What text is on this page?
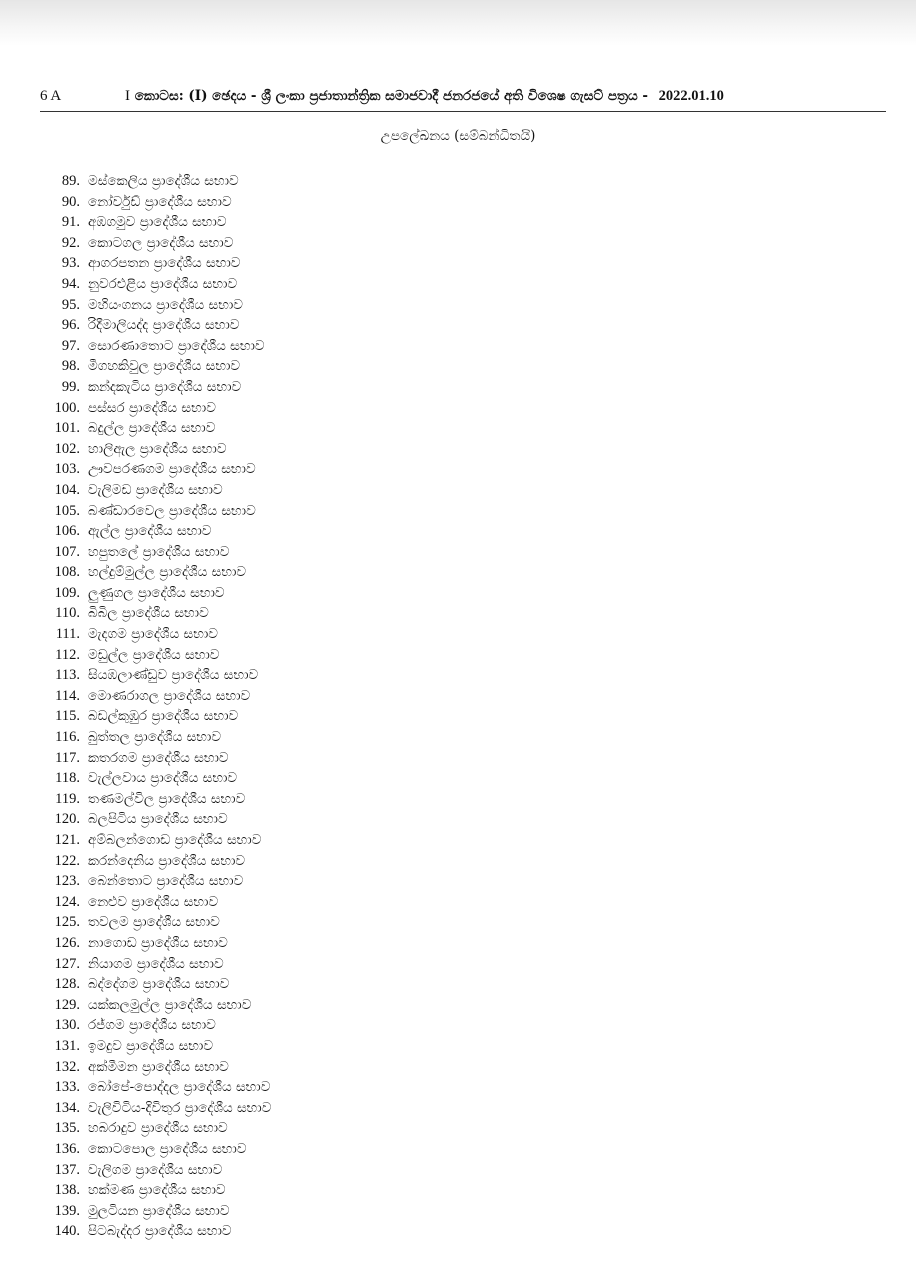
6 A	I කොටස: (I) ඡෙදය - ශ්‍රී ලංකා ප්‍රජාතාන්ත්‍රික සමාජවාදී ජනරජයේ අති විශෙෂ ගැසට් පත්‍රය - 2022.01.10
උපලේඛනය (සම්බන්ධිතයි)
89. මස්කෙලිය ප්‍රාදේශීය සභාව
90. නෝර්වුඩ් ප්‍රාදේශීය සභාව
91. අඹගමුව ප්‍රාදේශීය සභාව
92. කොටගල ප්‍රාදේශීය සභාව
93. ආගරපතන ප්‍රාදේශීය සභාව
94. නුවරඑළිය ප්‍රාදේශීය සභාව
95. මහියංගනය ප්‍රාදේශීය සභාව
96. රිදීමාලියද්ද ප්‍රාදේශීය සභාව
97. සොරණාතොට ප්‍රාදේශීය සභාව
98. මීගහකිවුල ප්‍රාදේශීය සභාව
99. කන්දකැටිය ප්‍රාදේශීය සභාව
100. පස්සර ප්‍රාදේශීය සභාව
101. බදුල්ල ප්‍රාදේශීය සභාව
102. හාලිඇල ප්‍රාදේශීය සභාව
103. ඌවපරණගම ප්‍රාදේශීය සභාව
104. වැලිමඩ ප්‍රාදේශීය සභාව
105. බණ්ඩාරවෙල ප්‍රාදේශීය සභාව
106. ඇල්ල ප්‍රාදේශීය සභාව
107. හපුතලේ ප්‍රාදේශීය සභාව
108. හල්දුම්මුල්ල ප්‍රාදේශීය සභාව
109. ලුණුගල ප්‍රාදේශීය සභාව
110. බිබිල ප්‍රාදේශීය සභාව
111. මැදගම ප්‍රාදේශීය සභාව
112. මඩුල්ල ප්‍රාදේශීය සභාව
113. සියඹලාණ්ඩුව ප්‍රාදේශීය සභාව
114. මොණරාගල ප්‍රාදේශීය සභාව
115. බඩල්කුඹුර ප්‍රාදේශීය සභාව
116. බුත්තල ප්‍රාදේශීය සභාව
117. කතරගම ප්‍රාදේශීය සභාව
118. වැල්ලවාය ප්‍රාදේශීය සභාව
119. තණමල්විල ප්‍රාදේශීය සභාව
120. බලපිටිය ප්‍රාදේශීය සභාව
121. අම්බලන්ගොඩ ප්‍රාදේශීය සභාව
122. කරන්දෙනිය ප්‍රාදේශීය සභාව
123. බෙන්තොට ප්‍රාදේශීය සභාව
124. නෙළුව ප්‍රාදේශීය සභාව
125. තවලම ප්‍රාදේශීය සභාව
126. නාගොඩ ප්‍රාදේශීය සභාව
127. නියාගම ප්‍රාදේශීය සභාව
128. බද්දේගම ප්‍රාදේශීය සභාව
129. යක්කලමුල්ල ප්‍රාදේශීය සභාව
130. රජ්ගම ප්‍රාදේශීය සභාව
131. ඉමදුව ප්‍රාදේශීය සභාව
132. අක්මීමන ප්‍රාදේශීය සභාව
133. බෝපේ-පොද්දල ප්‍රාදේශීය සභාව
134. වැලිවිටිය-දිවිතුර ප්‍රාදේශීය සභාව
135. හබරාදුව ප්‍රාදේශීය සභාව
136. කොටපොල ප්‍රාදේශීය සභාව
137. වැලිගම ප්‍රාදේශීය සභාව
138. හක්මණ ප්‍රාදේශීය සභාව
139. මුලටියන ප්‍රාදේශීය සභාව
140. පිටබැද්දර ප්‍රාදේශීය සභාව
